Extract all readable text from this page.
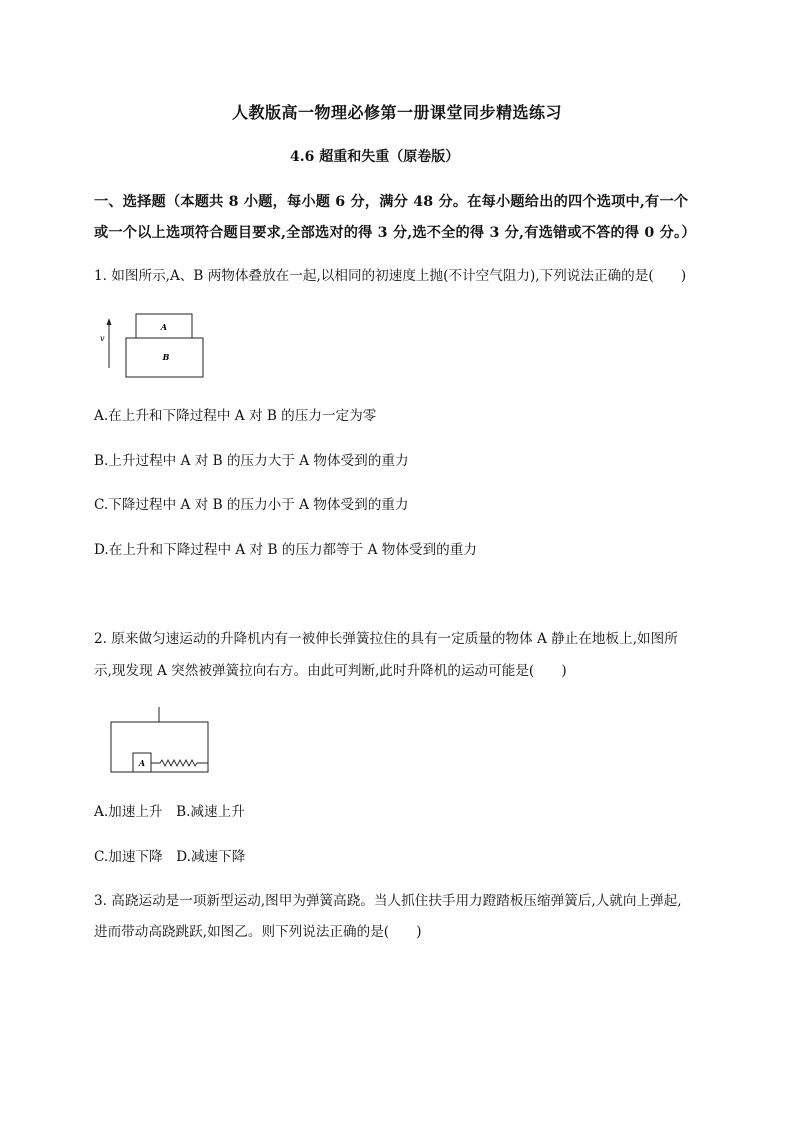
人教版高一物理必修第一册课堂同步精选练习
4.6 超重和失重（原卷版）
一、选择题（本题共 8 小题，每小题 6 分，满分 48 分。在每小题给出的四个选项中,有一个或一个以上选项符合题目要求,全部选对的得 3 分,选不全的得 3 分,有选错或不答的得 0 分。）
1. 如图所示,A、B 两物体叠放在一起,以相同的初速度上抛(不计空气阻力),下列说法正确的是(　　)
v
A
B
A.在上升和下降过程中 A 对 B 的压力一定为零
B.上升过程中 A 对 B 的压力大于 A 物体受到的重力
C.下降过程中 A 对 B 的压力小于 A 物体受到的重力
D.在上升和下降过程中 A 对 B 的压力都等于 A 物体受到的重力
2. 原来做匀速运动的升降机内有一被伸长弹簧拉住的具有一定质量的物体 A 静止在地板上,如图所
示,现发现 A 突然被弹簧拉向右方。由此可判断,此时升降机的运动可能是(　　)
A
A.加速上升　B.减速上升
C.加速下降　D.减速下降
3. 高跷运动是一项新型运动,图甲为弹簧高跷。当人抓住扶手用力蹬踏板压缩弹簧后,人就向上弹起,
进而带动高跷跳跃,如图乙。则下列说法正确的是(　　)
